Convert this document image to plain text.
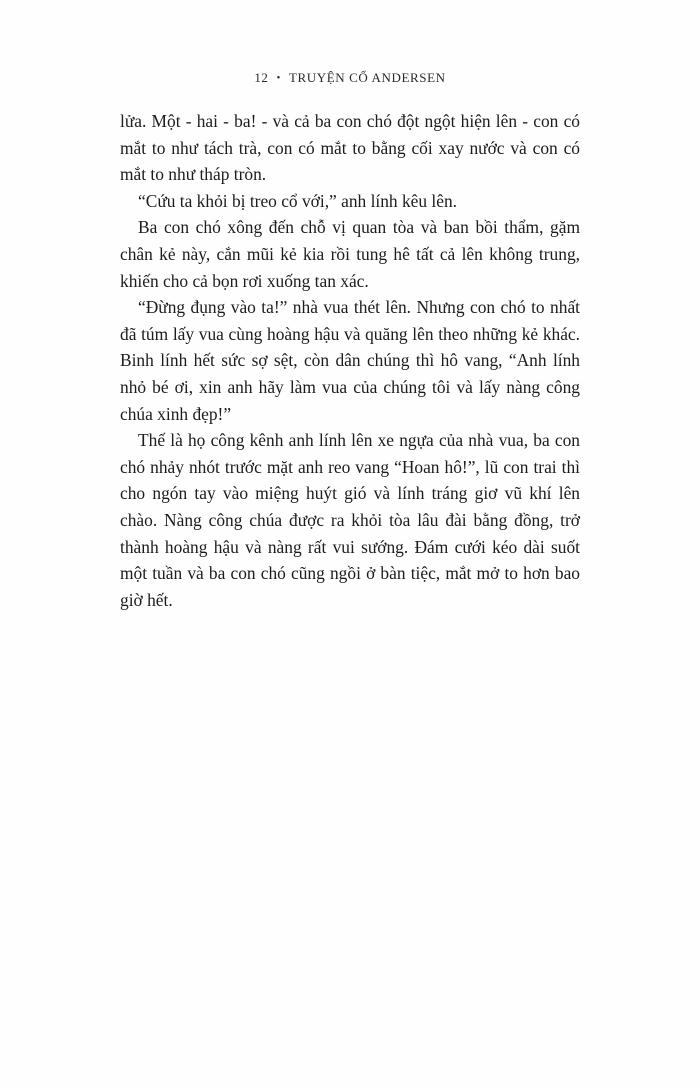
12 • TRUYỆN CỔ ANDERSEN

lửa. Một - hai - ba! - và cả ba con chó đột ngột hiện lên - con có mắt to như tách trà, con có mắt to bằng cối xay nước và con có mắt to như tháp tròn.

“Cứu ta khỏi bị treo cổ với,” anh lính kêu lên.

Ba con chó xông đến chỗ vị quan tòa và ban bồi thẩm, gặm chân kẻ này, cắn mũi kẻ kia rồi tung hê tất cả lên không trung, khiến cho cả bọn rơi xuống tan xác.

“Đừng đụng vào ta!” nhà vua thét lên. Nhưng con chó to nhất đã túm lấy vua cùng hoàng hậu và quăng lên theo những kẻ khác. Binh lính hết sức sợ sệt, còn dân chúng thì hô vang, “Anh lính nhỏ bé ơi, xin anh hãy làm vua của chúng tôi và lấy nàng công chúa xinh đẹp!”

Thế là họ công kênh anh lính lên xe ngựa của nhà vua, ba con chó nhảy nhót trước mặt anh reo vang “Hoan hô!”, lũ con trai thì cho ngón tay vào miệng huýt gió và lính tráng giơ vũ khí lên chào. Nàng công chúa được ra khỏi tòa lâu đài bằng đồng, trở thành hoàng hậu và nàng rất vui sướng. Đám cưới kéo dài suốt một tuần và ba con chó cũng ngồi ở bàn tiệc, mắt mở to hơn bao giờ hết.
